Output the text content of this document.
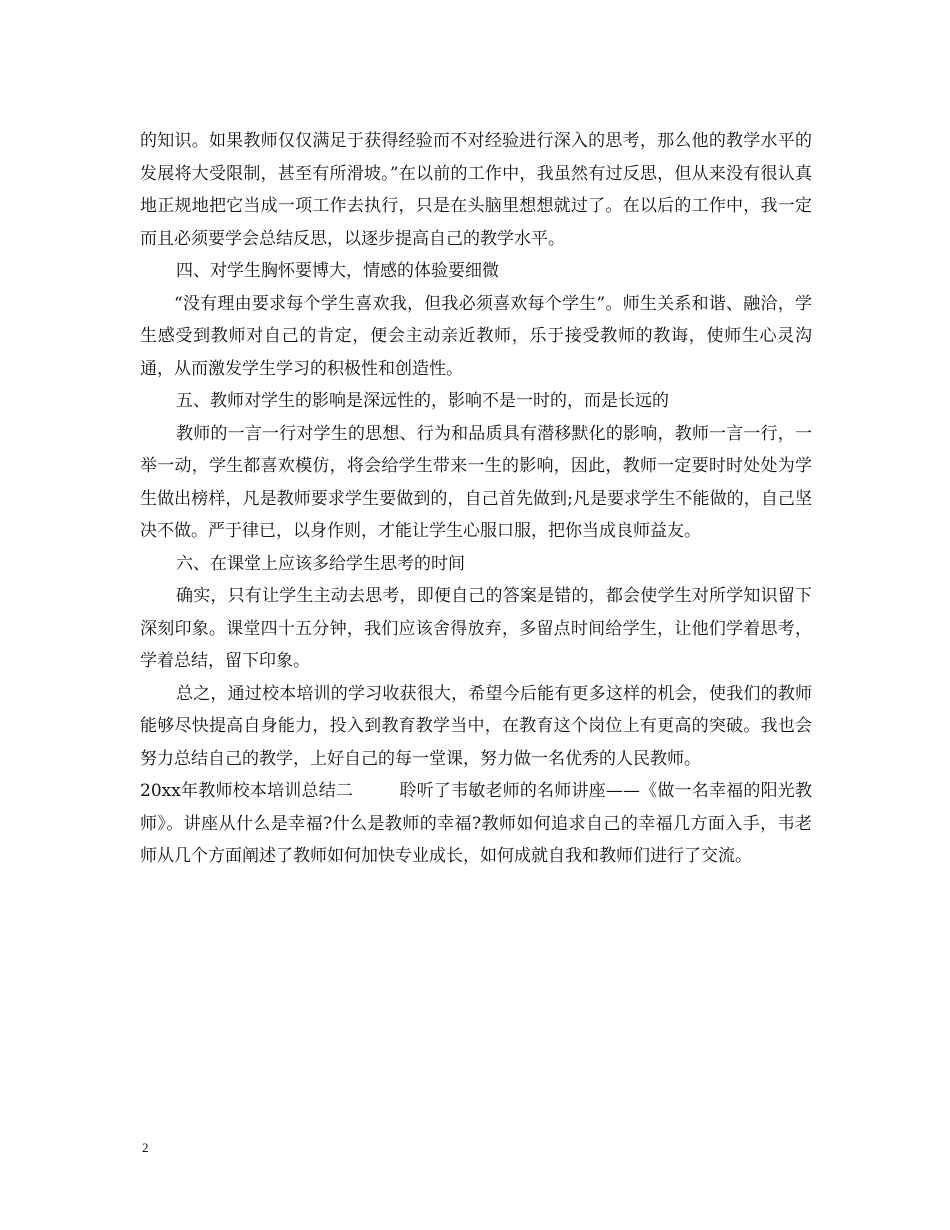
的知识。如果教师仅仅满足于获得经验而不对经验进行深入的思考，那么他的教学水平的发展将大受限制，甚至有所滑坡。”在以前的工作中，我虽然有过反思，但从来没有很认真地正规地把它当成一项工作去执行，只是在头脑里想想就过了。在以后的工作中，我一定而且必须要学会总结反思，以逐步提高自己的教学水平。

四、对学生胸怀要博大，情感的体验要细微

“没有理由要求每个学生喜欢我，但我必须喜欢每个学生”。师生关系和谐、融洽，学生感受到教师对自己的肯定，便会主动亲近教师，乐于接受教师的教诲，使师生心灵沟通，从而激发学生学习的积极性和创造性。

五、教师对学生的影响是深远性的，影响不是一时的，而是长远的

教师的一言一行对学生的思想、行为和品质具有潜移默化的影响，教师一言一行，一举一动，学生都喜欢模仿，将会给学生带来一生的影响，因此，教师一定要时时处处为学生做出榜样，凡是教师要求学生要做到的，自己首先做到;凡是要求学生不能做的，自己坚决不做。严于律已，以身作则，才能让学生心服口服，把你当成良师益友。

六、在课堂上应该多给学生思考的时间

确实，只有让学生主动去思考，即便自己的答案是错的，都会使学生对所学知识留下深刻印象。课堂四十五分钟，我们应该舍得放弃，多留点时间给学生，让他们学着思考，学着总结，留下印象。

总之，通过校本培训的学习收获很大，希望今后能有更多这样的机会，使我们的教师能够尽快提高自身能力，投入到教育教学当中，在教育这个岗位上有更高的突破。我也会努力总结自己的教学，上好自己的每一堂课，努力做一名优秀的人民教师。

20xx年教师校本培训总结二	聆听了韦敏老师的名师讲座——《做一名幸福的阳光教师》。讲座从什么是幸福?什么是教师的幸福?教师如何追求自己的幸福几方面入手，韦老师从几个方面阐述了教师如何加快专业成长，如何成就自我和教师们进行了交流。

2
